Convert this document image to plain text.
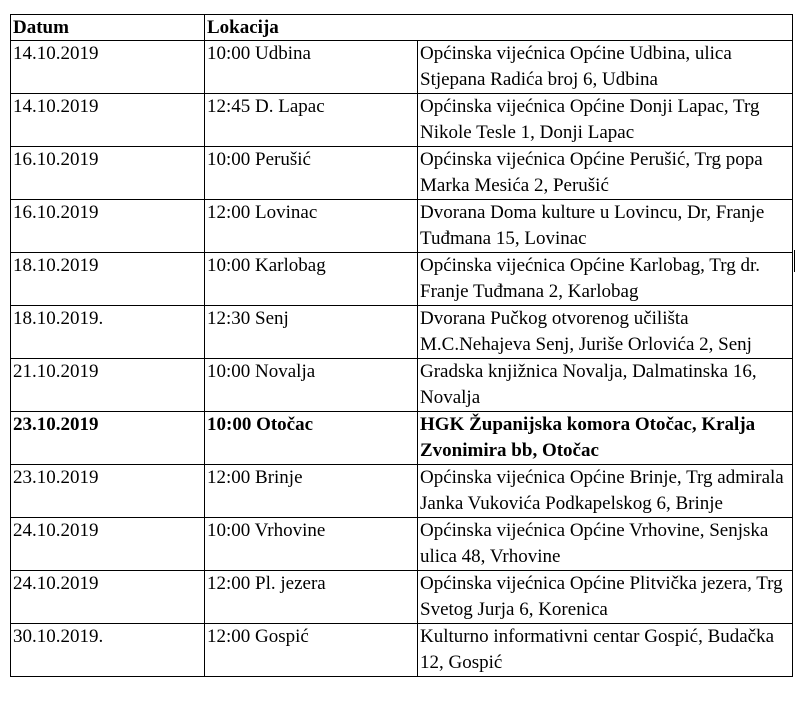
Datum	Lokacija	
14.10.2019	10:00 Udbina	Općinska vijećnica Općine Udbina, ulica Stjepana Radića broj 6, Udbina
14.10.2019	12:45 D. Lapac	Općinska vijećnica Općine Donji Lapac, Trg Nikole Tesle 1, Donji Lapac
16.10.2019	10:00 Perušić	Općinska vijećnica Općine Perušić, Trg popa Marka Mesića 2, Perušić
16.10.2019	12:00 Lovinac	Dvorana Doma kulture u Lovincu, Dr, Franje Tuđmana 15, Lovinac
18.10.2019	10:00 Karlobag	Općinska vijećnica Općine Karlobag, Trg dr. Franje Tuđmana 2, Karlobag
18.10.2019.	12:30 Senj	Dvorana Pučkog otvorenog učilišta M.C.Nehajeva Senj, Juriše Orlovića 2, Senj
21.10.2019	10:00 Novalja	Gradska knjižnica Novalja, Dalmatinska 16, Novalja
23.10.2019	10:00 Otočac	HGK Županijska komora Otočac, Kralja Zvonimira bb, Otočac
23.10.2019	12:00 Brinje	Općinska vijećnica Općine Brinje, Trg admirala Janka Vukovića Podkapelskog 6, Brinje
24.10.2019	10:00 Vrhovine	Općinska vijećnica Općine Vrhovine, Senjska ulica 48, Vrhovine
24.10.2019	12:00 Pl. jezera	Općinska vijećnica Općine Plitvička jezera, Trg Svetog Jurja 6, Korenica
30.10.2019.	12:00 Gospić	Kulturno informativni centar Gospić, Budačka 12, Gospić
